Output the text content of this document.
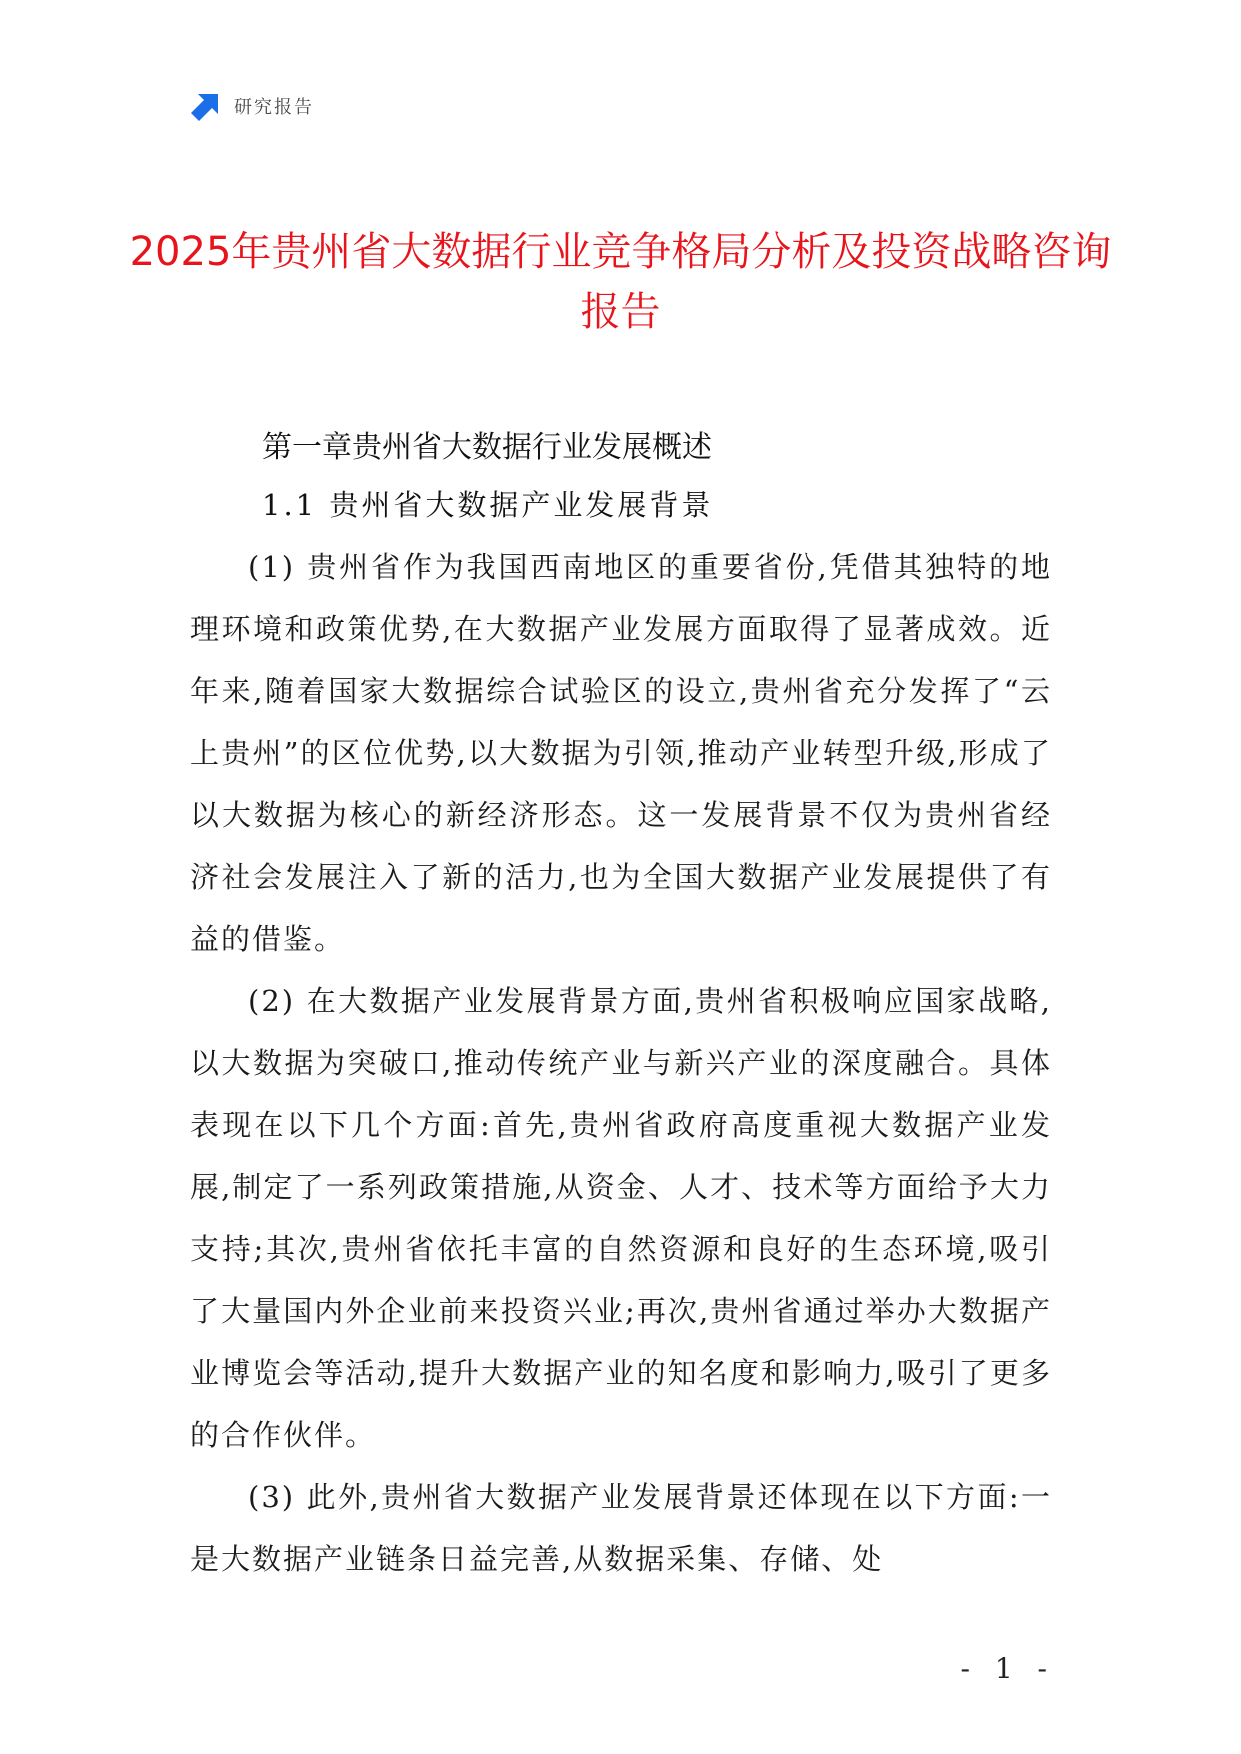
研究报告
2025年贵州省大数据行业竞争格局分析及投资战略咨询报告
第一章贵州省大数据行业发展概述
1.1 贵州省大数据产业发展背景

(1) 贵州省作为我国西南地区的重要省份,凭借其独特的地理环境和政策优势,在大数据产业发展方面取得了显著成效。近年来,随着国家大数据综合试验区的设立,贵州省充分发挥了“云上贵州”的区位优势,以大数据为引领,推动产业转型升级,形成了以大数据为核心的新经济形态。这一发展背景不仅为贵州省经济社会发展注入了新的活力,也为全国大数据产业发展提供了有益的借鉴。

(2) 在大数据产业发展背景方面,贵州省积极响应国家战略,以大数据为突破口,推动传统产业与新兴产业的深度融合。具体表现在以下几个方面:首先,贵州省政府高度重视大数据产业发展,制定了一系列政策措施,从资金、人才、技术等方面给予大力支持;其次,贵州省依托丰富的自然资源和良好的生态环境,吸引了大量国内外企业前来投资兴业;再次,贵州省通过举办大数据产业博览会等活动,提升大数据产业的知名度和影响力,吸引了更多的合作伙伴。

(3) 此外,贵州省大数据产业发展背景还体现在以下方面:一是大数据产业链条日益完善,从数据采集、存储、处

- 1 -
